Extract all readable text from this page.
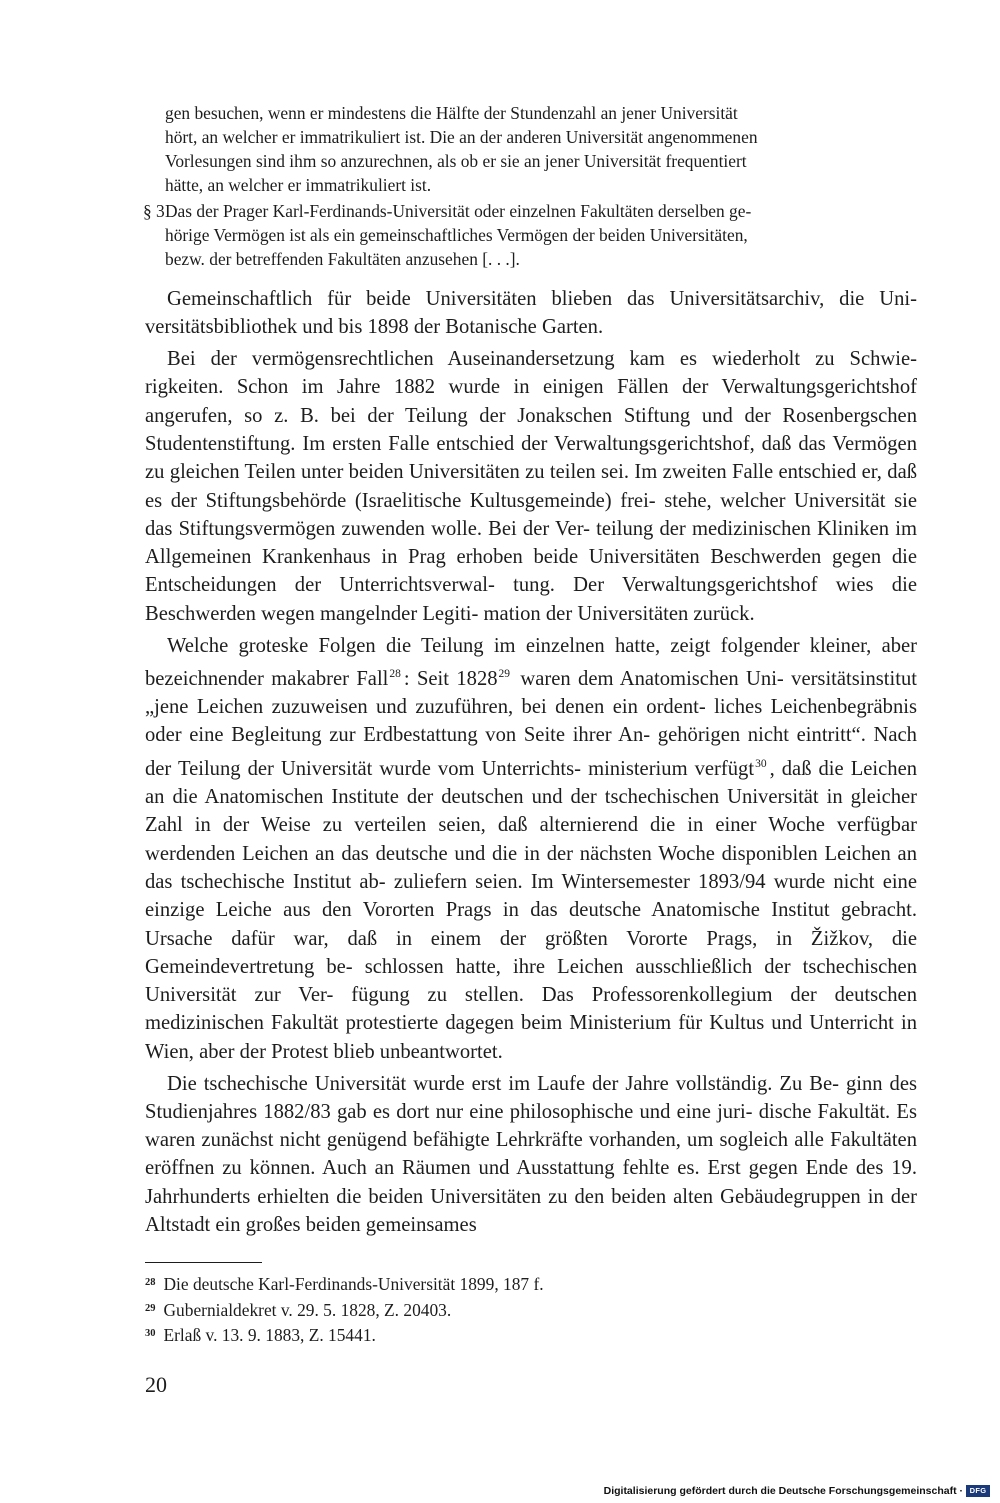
gen besuchen, wenn er mindestens die Hälfte der Stundenzahl an jener Universität

hört, an welcher er immatrikuliert ist. Die an der anderen Universität angenommenen

Vorlesungen sind ihm so anzurechnen, als ob er sie an jener Universität frequentiert

hätte, an welcher er immatrikuliert ist.

§ 3 Das der Prager Karl-Ferdinands-Universität oder einzelnen Fakultäten derselben ge-

hörige Vermögen ist als ein gemeinschaftliches Vermögen der beiden Universitäten,

bezw. der betreffenden Fakultäten anzusehen [. . .].

Gemeinschaftlich für beide Universitäten blieben das Universitätsarchiv, die Uni- versitätsbibliothek und bis 1898 der Botanische Garten.

Bei der vermögensrechtlichen Auseinandersetzung kam es wiederholt zu Schwie- rigkeiten. Schon im Jahre 1882 wurde in einigen Fällen der Verwaltungsgerichtshof angerufen, so z. B. bei der Teilung der Jonakschen Stiftung und der Rosenbergschen Studentenstiftung. Im ersten Falle entschied der Verwaltungsgerichtshof, daß das Vermögen zu gleichen Teilen unter beiden Universitäten zu teilen sei. Im zweiten Falle entschied er, daß es der Stiftungsbehörde (Israelitische Kultusgemeinde) frei- stehe, welcher Universität sie das Stiftungsvermögen zuwenden wolle. Bei der Ver- teilung der medizinischen Kliniken im Allgemeinen Krankenhaus in Prag erhoben beide Universitäten Beschwerden gegen die Entscheidungen der Unterrichtsverwal- tung. Der Verwaltungsgerichtshof wies die Beschwerden wegen mangelnder Legiti- mation der Universitäten zurück.

Welche groteske Folgen die Teilung im einzelnen hatte, zeigt folgender kleiner, aber bezeichnender makabrer Fall$^{28}$ : Seit 1828$^{29}$ waren dem Anatomischen Uni- versitätsinstitut „jene Leichen zuzuweisen und zuzuführen, bei denen ein ordent- liches Leichenbegräbnis oder eine Begleitung zur Erdbestattung von Seite ihrer An- gehörigen nicht eintritt“. Nach der Teilung der Universität wurde vom Unterrichts- ministerium verfügt$^{30}$ , daß die Leichen an die Anatomischen Institute der deutschen und der tschechischen Universität in gleicher Zahl in der Weise zu verteilen seien, daß alternierend die in einer Woche verfügbar werdenden Leichen an das deutsche und die in der nächsten Woche disponiblen Leichen an das tschechische Institut ab- zuliefern seien. Im Wintersemester 1893/94 wurde nicht eine einzige Leiche aus den Vororten Prags in das deutsche Anatomische Institut gebracht. Ursache dafür war, daß in einem der größten Vororte Prags, in Žižkov, die Gemeindevertretung be- schlossen hatte, ihre Leichen ausschließlich der tschechischen Universität zur Ver- fügung zu stellen. Das Professorenkollegium der deutschen medizinischen Fakultät protestierte dagegen beim Ministerium für Kultus und Unterricht in Wien, aber der Protest blieb unbeantwortet.

Die tschechische Universität wurde erst im Laufe der Jahre vollständig. Zu Be- ginn des Studienjahres 1882/83 gab es dort nur eine philosophische und eine juri- dische Fakultät. Es waren zunächst nicht genügend befähigte Lehrkräfte vorhanden, um sogleich alle Fakultäten eröffnen zu können. Auch an Räumen und Ausstattung fehlte es. Erst gegen Ende des 19. Jahrhunderts erhielten die beiden Universitäten zu den beiden alten Gebäudegruppen in der Altstadt ein großes beiden gemeinsames

$^{28}$ Die deutsche Karl-Ferdinands-Universität 1899, 187 f.
$^{29}$ Gubernialdekret v. 29. 5. 1828, Z. 20403.
$^{30}$ Erlaß v. 13. 9. 1883, Z. 15441.
20
Digitalisierung gefördert durch die Deutsche Forschungsgemeinschaft · DFG
